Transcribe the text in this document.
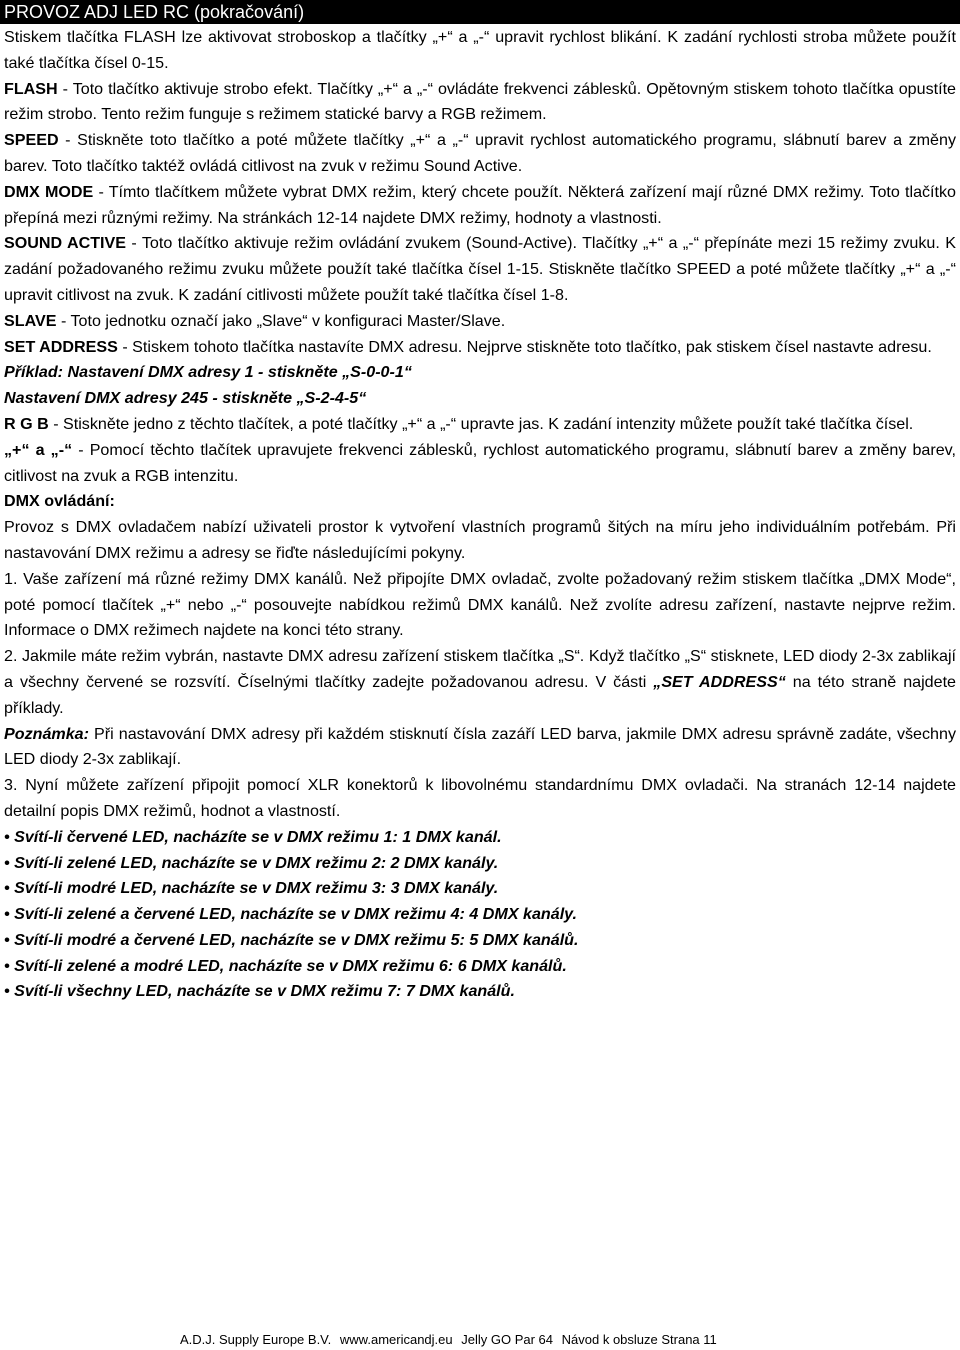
PROVOZ ADJ LED RC (pokračování)

Stiskem tlačítka FLASH lze aktivovat stroboskop a tlačítky „+“ a „-“ upravit rychlost blikání. K zadání rychlosti stroba můžete použít také tlačítka čísel 0-15.

FLASH - Toto tlačítko aktivuje strobo efekt. Tlačítky „+“ a „-“ ovládáte frekvenci záblesků. Opětovným stiskem tohoto tlačítka opustíte režim strobo. Tento režim funguje s režimem statické barvy a RGB režimem.

SPEED - Stiskněte toto tlačítko a poté můžete tlačítky „+“ a „-“ upravit rychlost automatického programu, slábnutí barev a změny barev. Toto tlačítko taktéž ovládá citlivost na zvuk v režimu Sound Active.

DMX MODE - Tímto tlačítkem můžete vybrat DMX režim, který chcete použít. Některá zařízení mají různé DMX režimy. Toto tlačítko přepíná mezi různými režimy. Na stránkách 12-14 najdete DMX režimy, hodnoty a vlastnosti.

SOUND ACTIVE - Toto tlačítko aktivuje režim ovládání zvukem (Sound-Active). Tlačítky „+“ a „-“ přepínáte mezi 15 režimy zvuku. K zadání požadovaného režimu zvuku můžete použít také tlačítka čísel 1-15. Stiskněte tlačítko SPEED a poté můžete tlačítky „+“ a „-“ upravit citlivost na zvuk. K zadání citlivosti můžete použít také tlačítka čísel 1-8.

SLAVE - Toto jednotku označí jako „Slave“ v konfiguraci Master/Slave.

SET ADDRESS - Stiskem tohoto tlačítka nastavíte DMX adresu. Nejprve stiskněte toto tlačítko, pak stiskem čísel nastavte adresu.

Příklad: Nastavení DMX adresy 1 - stiskněte „S-0-0-1“

Nastavení DMX adresy 245 - stiskněte „S-2-4-5“

R G B - Stiskněte jedno z těchto tlačítek, a poté tlačítky „+“ a „-“ upravte jas. K zadání intenzity můžete použít také tlačítka čísel.

„+“ a „-“ - Pomocí těchto tlačítek upravujete frekvenci záblesků, rychlost automatického programu, slábnutí barev a změny barev, citlivost na zvuk a RGB intenzitu.

DMX ovládání:

Provoz s DMX ovladačem nabízí uživateli prostor k vytvoření vlastních programů šitých na míru jeho individuálním potřebám. Při nastavování DMX režimu a adresy se řiďte následujícími pokyny.

1. Vaše zařízení má různé režimy DMX kanálů. Než připojíte DMX ovladač, zvolte požadovaný režim stiskem tlačítka „DMX Mode“, poté pomocí tlačítek „+“ nebo „-“ posouvejte nabídkou režimů DMX kanálů. Než zvolíte adresu zařízení, nastavte nejprve režim. Informace o DMX režimech najdete na konci této strany.

2. Jakmile máte režim vybrán, nastavte DMX adresu zařízení stiskem tlačítka „S“. Když tlačítko „S“ stisknete, LED diody 2-3x zablikají a všechny červené se rozsvítí. Číselnými tlačítky zadejte požadovanou adresu. V části „SET ADDRESS“ na této straně najdete příklady.

Poznámka: Při nastavování DMX adresy při každém stisknutí čísla zazáří LED barva, jakmile DMX adresu správně zadáte, všechny LED diody 2-3x zablikají.

3. Nyní můžete zařízení připojit pomocí XLR konektorů k libovolnému standardnímu DMX ovladači. Na stranách 12-14 najdete detailní popis DMX režimů, hodnot a vlastností.

• Svítí-li červené LED, nacházíte se v DMX režimu 1: 1 DMX kanál.

• Svítí-li zelené LED, nacházíte se v DMX režimu 2: 2 DMX kanály.

• Svítí-li modré LED, nacházíte se v DMX režimu 3: 3 DMX kanály.

• Svítí-li zelené a červené LED, nacházíte se v DMX režimu 4: 4 DMX kanály.

• Svítí-li modré a červené LED, nacházíte se v DMX režimu 5: 5 DMX kanálů.

• Svítí-li zelené a modré LED, nacházíte se v DMX režimu 6: 6 DMX kanálů.

• Svítí-li všechny LED, nacházíte se v DMX režimu 7: 7 DMX kanálů.

A.D.J. Supply Europe B.V. www.americandj.eu Jelly GO Par 64 Návod k obsluze Strana 11
